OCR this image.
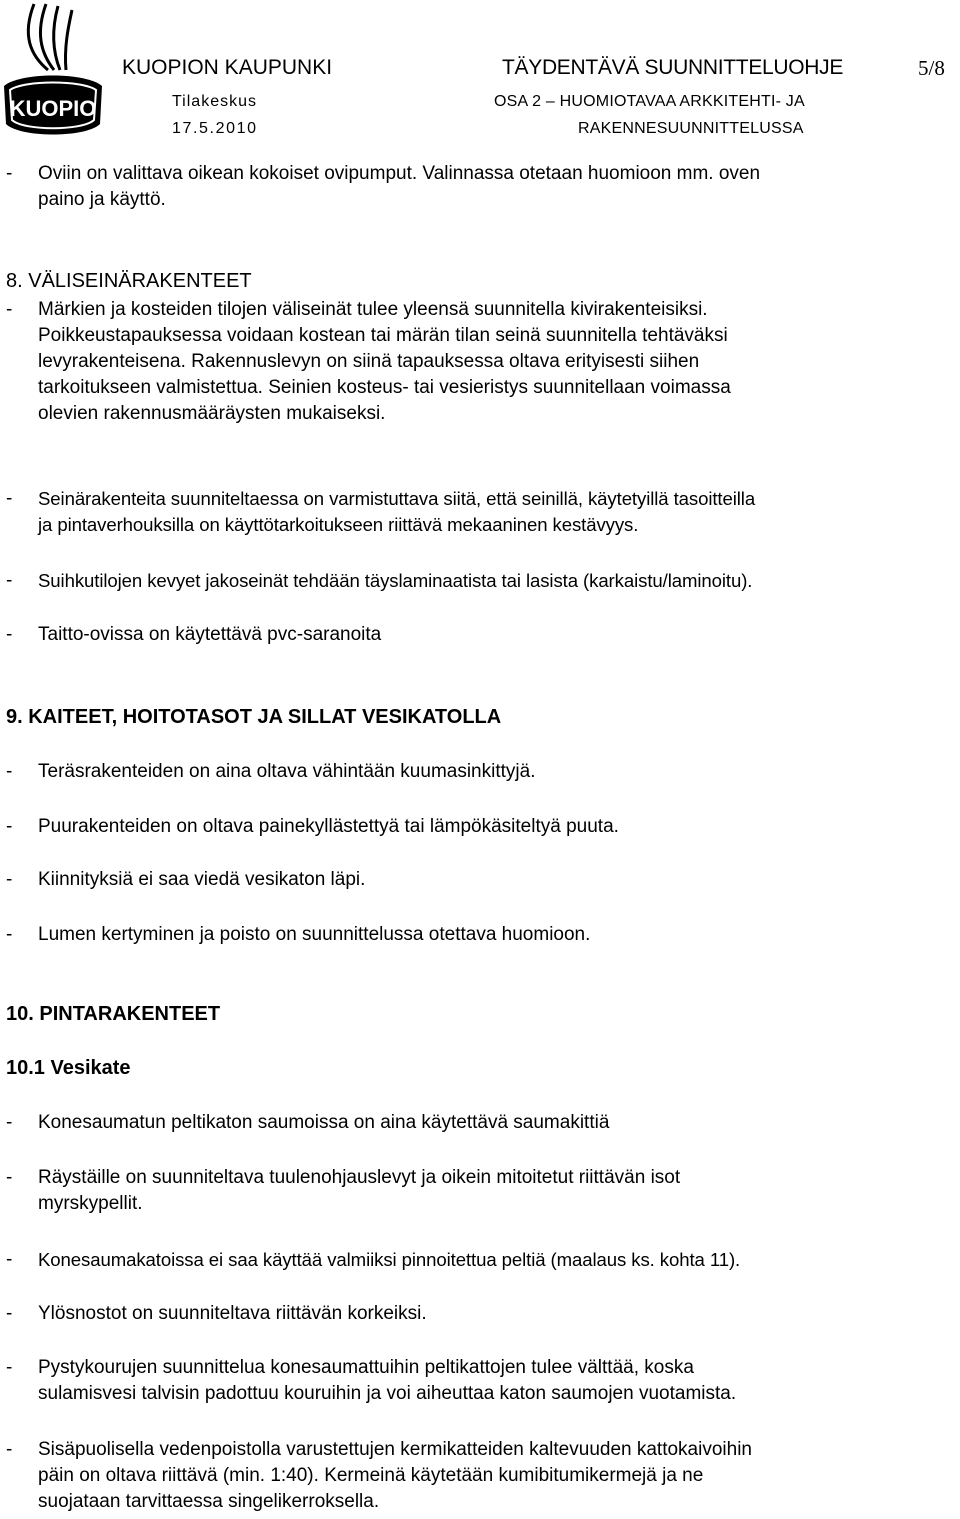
KUOPIO
KUOPION KAUPUNKI	TÄYDENTÄVÄ SUUNNITTELUOHJE	5/8
Tilakeskus	OSA 2 – HUOMIOTAVAA ARKKITEHTI- JA
17.5.2010	RAKENNESUUNNITTELUSSA
- Oviin on valittava oikean kokoiset ovipumput. Valinnassa otetaan huomioon mm. oven
paino ja käyttö.
8. VÄLISEINÄRAKENTEET
- Märkien ja kosteiden tilojen väliseinät tulee yleensä suunnitella kivirakenteisiksi.
Poikkeustapauksessa voidaan kostean tai märän tilan seinä suunnitella tehtäväksi
levyrakenteisena. Rakennuslevyn on siinä tapauksessa oltava erityisesti siihen
tarkoitukseen valmistettua. Seinien kosteus- tai vesieristys suunnitellaan voimassa
olevien rakennusmääräysten mukaiseksi.
- Seinärakenteita suunniteltaessa on varmistuttava siitä, että seinillä, käytetyillä tasoitteilla
ja pintaverhouksilla on käyttötarkoitukseen riittävä mekaaninen kestävyys.
- Suihkutilojen kevyet jakoseinät tehdään täyslaminaatista tai lasista (karkaistu/laminoitu).
- Taitto-ovissa on käytettävä pvc-saranoita
9. KAITEET, HOITOTASOT JA SILLAT VESIKATOLLA
- Teräsrakenteiden on aina oltava vähintään kuumasinkittyjä.
- Puurakenteiden on oltava painekyllästettyä tai lämpökäsiteltyä puuta.
- Kiinnityksiä ei saa viedä vesikaton läpi.
- Lumen kertyminen ja poisto on suunnittelussa otettava huomioon.
10. PINTARAKENTEET
10.1 Vesikate
- Konesaumatun peltikaton saumoissa on aina käytettävä saumakittiä
- Räystäille on suunniteltava tuulenohjauslevyt ja oikein mitoitetut riittävän isot
myrskypellit.
- Konesaumakatoissa ei saa käyttää valmiiksi pinnoitettua peltiä (maalaus ks. kohta 11).
- Ylösnostot on suunniteltava riittävän korkeiksi.
- Pystykourujen suunnittelua konesaumattuihin peltikattojen tulee välttää, koska
sulamisvesi talvisin padottuu kouruihin ja voi aiheuttaa katon saumojen vuotamista.
- Sisäpuolisella vedenpoistolla varustettujen kermikatteiden kaltevuuden kattokaivoihin
päin on oltava riittävä (min. 1:40). Kermeinä käytetään kumibitumikermejä ja ne
suojataan tarvittaessa singelikerroksella.
